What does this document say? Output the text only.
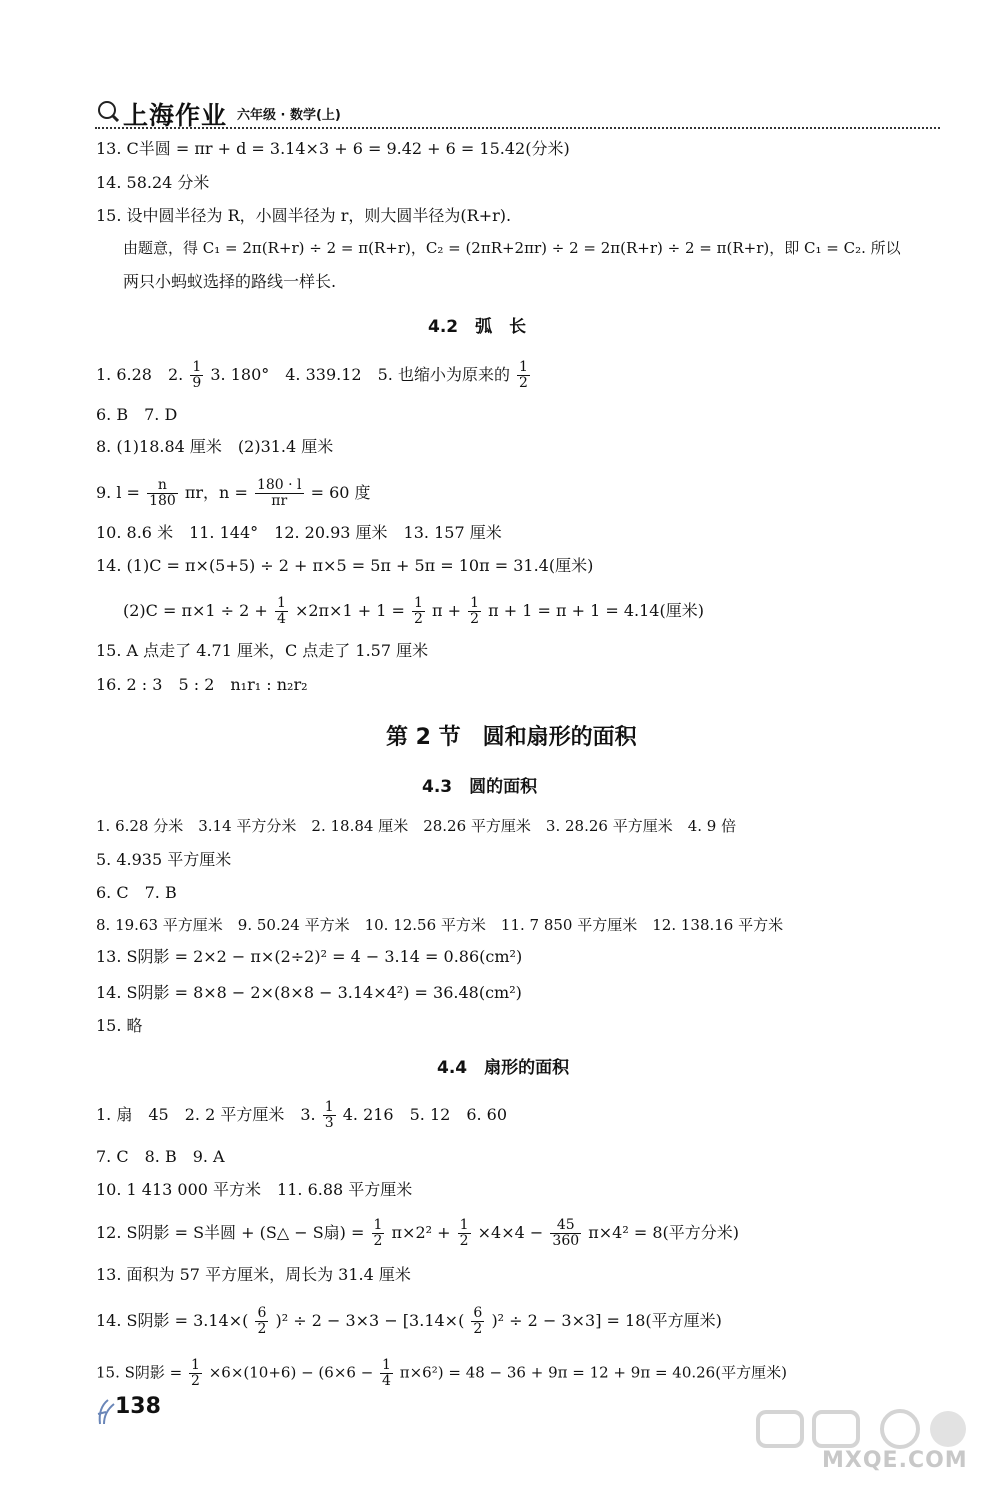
上海作业 六年级 · 数学(上)
13. C半圆 = πr + d = 3.14×3 + 6 = 9.42 + 6 = 15.42(分米)
14. 58.24 分米
15. 设中圆半径为 R，小圆半径为 r，则大圆半径为(R+r).
由题意，得 C₁ = 2π(R+r) ÷ 2 = π(R+r)，C₂ = (2πR+2πr) ÷ 2 = 2π(R+r) ÷ 2 = π(R+r)，即 C₁ = C₂. 所以
两只小蚂蚁选择的路线一样长.
4.2　弧　长
1. 6.28　2. $\frac{1}{9} 3$. 180°　4. 339.12　5. 也缩小为原来的 $\frac{1}{2}$
6. B　7. D
8. (1)18.84 厘米　(2)31.4 厘米
9. $l = \frac{n}{180}$ πr，$n = \frac{180 \cdot l}{\pi r} = 60$ 度
10. 8.6 米　11. 144°　12. 20.93 厘米　13. 157 厘米
14. (1)C = π×(5+5) ÷ 2 + π×5 = 5π + 5π = 10π = 31.4(厘米)
$(2)C = \pi\times 1 \div 2 + \frac{1}{4} \times 2\pi\times 1 + 1 = \frac{1}{2}$ $\pi + \frac{1}{2}$ π + 1 = π + 1 = 4.14(厘米)
15. A 点走了 4.71 厘米，C 点走了 1.57 厘米
16. 2 : 3　5 : 2　n₁r₁ : n₂r₂
第 2 节　圆和扇形的面积
4.3　圆的面积
1. 6.28 分米　3.14 平方分米　2. 18.84 厘米　28.26 平方厘米　3. 28.26 平方厘米　4. 9 倍
5. 4.935 平方厘米
6. C　7. B
8. 19.63 平方厘米　9. 50.24 平方米　10. 12.56 平方米　11. 7 850 平方厘米　12. 138.16 平方米
13. S阴影 = 2×2 − π×(2÷2)² = 4 − 3.14 = 0.86(cm²)
14. S阴影 = 8×8 − 2×(8×8 − 3.14×4²) = 36.48(cm²)
15. 略
4.4　扇形的面积
1. 扇　45　2. 2 平方厘米　3. $\frac{1}{3} 4$. 216　5. 12　6. 60
7. C　8. B　9. A
10. 1 413 000 平方米　11. 6.88 平方厘米
12. S阴影 = S半圆 + (S△ − S扇) = $\frac{1}{2} \pi\times 2^2 + \frac{1}{2} \times 4\times 4 - \frac{45}{360} \pi\times 4^2 = 8$(平方分米)
13. 面积为 57 平方厘米，周长为 31.4 厘米
14. S阴影 = $3.14\times( \frac{6}{2} )^2 \div 2 - 3\times 3 - [3.14\times( \frac{6}{2} )^2 \div 2 - 3\times 3] = 18$(平方厘米)
15. S阴影 = $\frac{1}{2} \times 6\times(10+6) - (6\times 6 - \frac{1}{4} \pi\times 6^2) = 48 - 36 + 9\pi = 12 + 9\pi = 40.26$(平方厘米)
138
MXQE.COM
